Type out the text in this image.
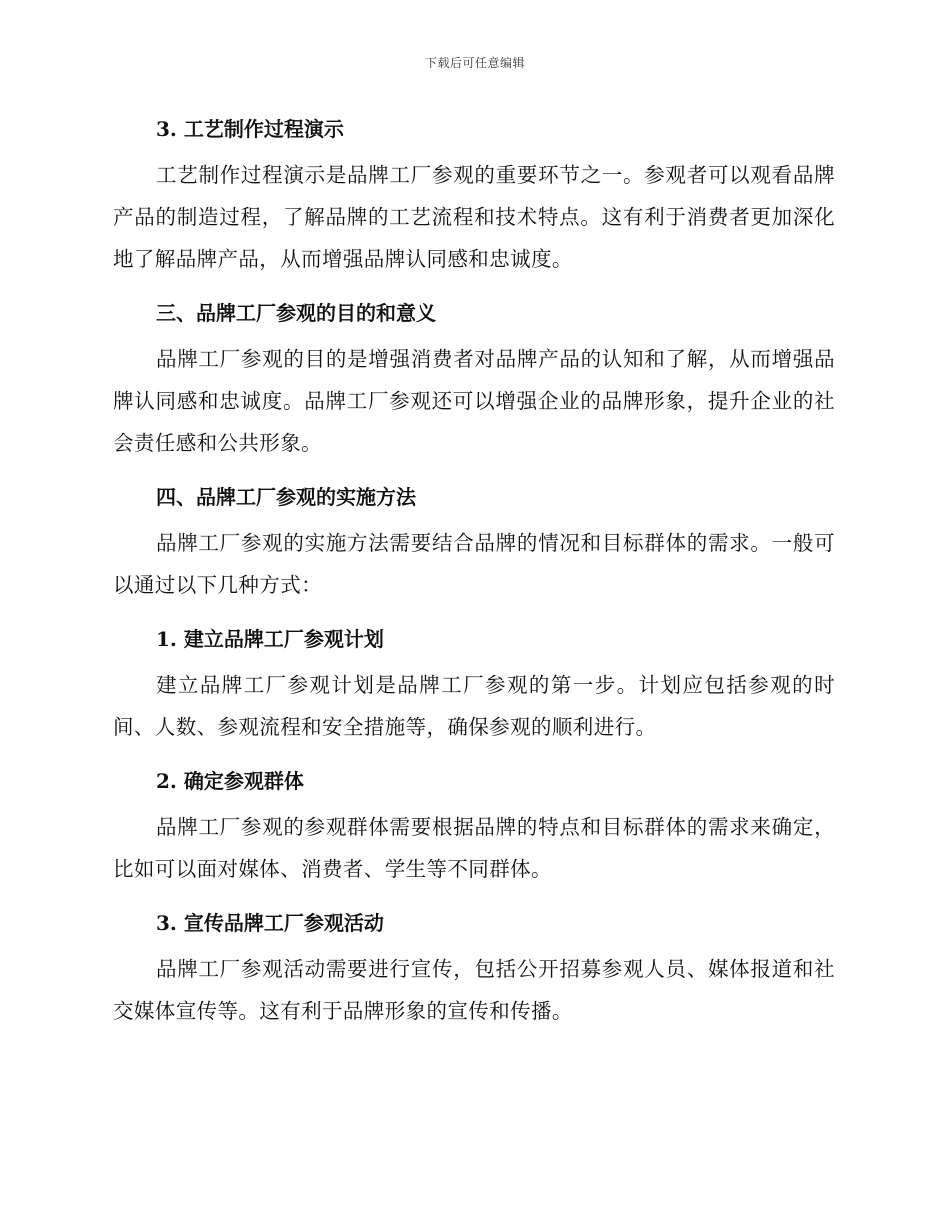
下载后可任意编辑
3. 工艺制作过程演示

工艺制作过程演示是品牌工厂参观的重要环节之一。参观者可以观看品牌产品的制造过程，了解品牌的工艺流程和技术特点。这有利于消费者更加深化地了解品牌产品，从而增强品牌认同感和忠诚度。

三、品牌工厂参观的目的和意义

品牌工厂参观的目的是增强消费者对品牌产品的认知和了解，从而增强品牌认同感和忠诚度。品牌工厂参观还可以增强企业的品牌形象，提升企业的社会责任感和公共形象。

四、品牌工厂参观的实施方法

品牌工厂参观的实施方法需要结合品牌的情况和目标群体的需求。一般可以通过以下几种方式：

1. 建立品牌工厂参观计划

建立品牌工厂参观计划是品牌工厂参观的第一步。计划应包括参观的时间、人数、参观流程和安全措施等，确保参观的顺利进行。

2. 确定参观群体

品牌工厂参观的参观群体需要根据品牌的特点和目标群体的需求来确定，比如可以面对媒体、消费者、学生等不同群体。

3. 宣传品牌工厂参观活动

品牌工厂参观活动需要进行宣传，包括公开招募参观人员、媒体报道和社交媒体宣传等。这有利于品牌形象的宣传和传播。
